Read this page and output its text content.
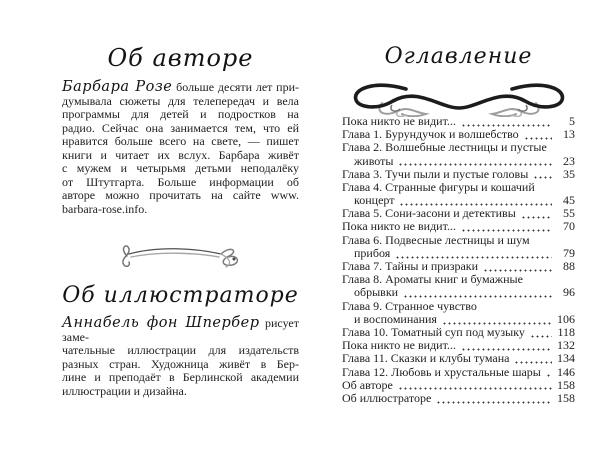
Об авторе
Барбара Розе больше десяти лет при-
думывала сюжеты для телепередач и вела
программы для детей и подростков на
радио. Сейчас она занимается тем, что ей
нравится больше всего на свете, — пишет
книги и читает их вслух. Барбара живёт
с мужем и четырьмя детьми неподалёку
от Штутгарта. Больше информации об
авторе можно прочитать на сайте www.
barbara-rose.info.
Об иллюстраторе
Аннабель фон Шпербер рисует заме-
чательные иллюстрации для издательств
разных стран. Художница живёт в Бер-
лине и преподаёт в Берлинской академии
иллюстрации и дизайна.
Оглавление
Пока никто не видит...	5
Глава 1. Бурундучок и волшебство	13
Глава 2. Волшебные лестницы и пустые
животы	23
Глава 3. Тучи пыли и пустые головы	35
Глава 4. Странные фигуры и кошачий
концерт	45
Глава 5. Сони-засони и детективы	55
Пока никто не видит...	70
Глава 6. Подвесные лестницы и шум
прибоя	79
Глава 7. Тайны и призраки	88
Глава 8. Ароматы книг и бумажные
обрывки	96
Глава 9. Странное чувство
и воспоминания	106
Глава 10. Томатный суп под музыку	118
Пока никто не видит...	132
Глава 11. Сказки и клубы тумана	134
Глава 12. Любовь и хрустальные шары 146
Об авторе	158
Об иллюстраторе	158
